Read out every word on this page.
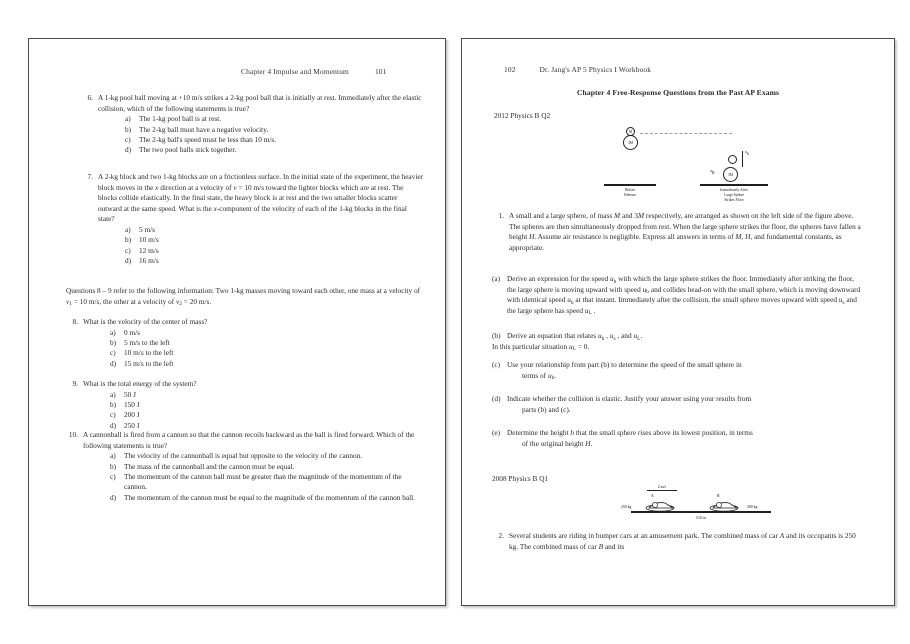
Chapter 4 Impulse and Momentum	101
6. A 1-kg pool ball moving at +10 m/s strikes a 2-kg pool ball that is initially at rest. Immediately after the elastic collision, which of the following statements is true?
a)	The 1-kg pool ball is at rest.
b)	The 2-kg ball must have a negative velocity.
c)	The 2-kg ball's speed must be less than 10 m/s.
d)	The two pool balls stick together.
7. A 2-kg block and two 1-kg blocks are on a frictionless surface. In the initial state of the experiment, the heavier block moves in the x direction at a velocity of v = 10 m/s toward the lighter blocks which are at rest. The blocks collide elastically. In the final state, the heavy block is at rest and the two smaller blocks scatter outward at the same speed. What is the x-component of the velocity of each of the 1-kg blocks in the final state?
a)	5 m/s
b)	10 m/s
c)	12 m/s
d)	16 m/s
Questions 8 – 9 refer to the following information: Two 1-kg masses moving toward each other, one mass at a velocity of $v_1 = 10$ m/s, the other at a velocity of $v_2 = 20$ m/s.
8. What is the velocity of the center of mass?
a)	0 m/s
b)	5 m/s to the left
c)	10 m/s to the left
d)	15 m/s to the left
9. What is the total energy of the system?
a)	50 J
b)	150 J
c)	200 J
d)	250 J
10. A cannonball is fired from a cannon so that the cannon recoils backward as the ball is fired forward. Which of the following statements is true?
a)	The velocity of the cannonball is equal but opposite to the velocity of the cannon.
b)	The mass of the cannonball and the cannon must be equal.
c)	The momentum of the cannon ball must be greater than the magnitude of the momentum of the cannon.
d)	The momentum of the cannon must be equal to the magnitude of the momentum of the cannon ball.
102	Dr. Jang's AP 5 Physics I Workbook
Chapter 4 Free-Response Questions from the Past AP Exams
2012 Physics B Q2
M
3M
Before
Release
3M
$u_s$
$u_b$
Immediately After
Large Sphere
Strikes Floor
1. A small and a large sphere, of mass M and 3M respectively, are arranged as shown on the left side of the figure above. The spheres are then simultaneously dropped from rest. When the large sphere strikes the floor, the spheres have fallen a height H. Assume air resistance is negligible. Express all answers in terms of M, H, and fundamental constants, as appropriate.
(a) Derive an expression for the speed $u_b$ with which the large sphere strikes the floor. Immediately after striking the floor, the large sphere is moving upward with speed $u_b$ and collides head-on with the small sphere, which is moving downward with identical speed $u_b$ at that instant. Immediately after the collision, the small sphere moves upward with speed $u_s$ and the large sphere has speed $u_L$ .
(b) Derive an equation that relates $u_b$ , $u_s$ , and $u_L$.
In this particular situation $u_L = 0$.
(c) Use your relationship from part (b) to determine the speed of the small sphere in
terms of $u_b$.
(d) Indicate whether the collision is elastic. Justify your answer using your results from
parts (b) and (c).
(e) Determine the height h that the small sphere rises above its lowest position, in terms
of the original height H.
2008 Physics B Q1
2 m/s
A	B
250 kg	200 kg
0.50 m
2. Several students are riding in bumper cars at an amusement park. The combined mass of car A and its occupants is 250 kg. The combined mass of car B and its
